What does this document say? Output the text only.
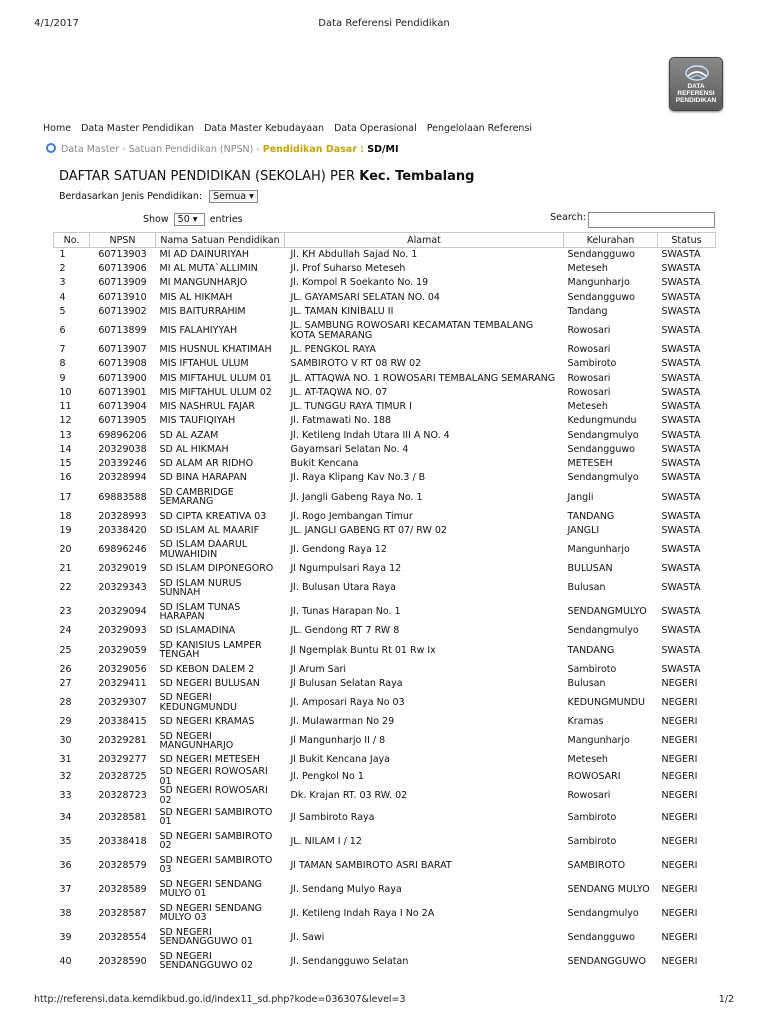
4/1/2017	Data Referensi Pendidikan
DATA
REFERENSI
PENDIDIKAN
Home Data Master Pendidikan Data Master Kebudayaan Data Operasional Pengelolaan Referensi
Data Master - Satuan Pendidikan (NPSN) - Pendidikan Dasar : SD/MI
DAFTAR SATUAN PENDIDIKAN (SEKOLAH) PER Kec. Tembalang
Berdasarkan Jenis Pendidikan: Semua ▾
Show 50 ▾ entries	Search:
No.	NPSN	Nama Satuan Pendidikan	Alamat	Kelurahan	Status
1	60713903	MI AD DAINURIYAH	Jl. KH Abdullah Sajad No. 1	Sendangguwo	SWASTA
2	60713906	MI AL MUTA`ALLIMIN	Jl. Prof Suharso Meteseh	Meteseh	SWASTA
3	60713909	MI MANGUNHARJO	Jl. Kompol R Soekanto No. 19	Mangunharjo	SWASTA
4	60713910	MIS AL HIKMAH	JL. GAYAMSARI SELATAN NO. 04	Sendangguwo	SWASTA
5	60713902	MIS BAITURRAHIM	JL. TAMAN KINIBALU II	Tandang	SWASTA
6	60713899	MIS FALAHIYYAH	JL. SAMBUNG ROWOSARI KECAMATAN TEMBALANG KOTA SEMARANG	Rowosari	SWASTA
7	60713907	MIS HUSNUL KHATIMAH	JL. PENGKOL RAYA	Rowosari	SWASTA
8	60713908	MIS IFTAHUL ULUM	SAMBIROTO V RT 08 RW 02	Sambiroto	SWASTA
9	60713900	MIS MIFTAHUL ULUM 01	JL. ATTAQWA NO. 1 ROWOSARI TEMBALANG SEMARANG	Rowosari	SWASTA
10	60713901	MIS MIFTAHUL ULUM 02	JL. AT-TAQWA NO. 07	Rowosari	SWASTA
11	60713904	MIS NASHRUL FAJAR	JL. TUNGGU RAYA TIMUR I	Meteseh	SWASTA
12	60713905	MIS TAUFIQIYAH	Jl. Fatmawati No. 188	Kedungmundu	SWASTA
13	69896206	SD AL AZAM	Jl. Ketileng Indah Utara III A NO. 4	Sendangmulyo	SWASTA
14	20329038	SD AL HIKMAH	Gayamsari Selatan No. 4	Sendangguwo	SWASTA
15	20339246	SD ALAM AR RIDHO	Bukit Kencana	METESEH	SWASTA
16	20328994	SD BINA HARAPAN	Jl. Raya Klipang Kav No.3 / B	Sendangmulyo	SWASTA
17	69883588	SD CAMBRIDGE SEMARANG	Jl. Jangli Gabeng Raya No. 1	Jangli	SWASTA
18	20328993	SD CIPTA KREATIVA 03	Jl. Rogo Jembangan Timur	TANDANG	SWASTA
19	20338420	SD ISLAM AL MAARIF	JL. JANGLI GABENG RT 07/ RW 02	JANGLI	SWASTA
20	69896246	SD ISLAM DAARUL MUWAHIDIN	Jl. Gendong Raya 12	Mangunharjo	SWASTA
21	20329019	SD ISLAM DIPONEGORO	Jl Ngumpulsari Raya 12	BULUSAN	SWASTA
22	20329343	SD ISLAM NURUS SUNNAH	Jl. Bulusan Utara Raya	Bulusan	SWASTA
23	20329094	SD ISLAM TUNAS HARAPAN	Jl. Tunas Harapan No. 1	SENDANGMULYO	SWASTA
24	20329093	SD ISLAMADINA	JL. Gendong RT 7 RW 8	Sendangmulyo	SWASTA
25	20329059	SD KANISIUS LAMPER TENGAH	Jl Ngemplak Buntu Rt 01 Rw Ix	TANDANG	SWASTA
26	20329056	SD KEBON DALEM 2	Jl Arum Sari	Sambiroto	SWASTA
27	20329411	SD NEGERI BULUSAN	Jl Bulusan Selatan Raya	Bulusan	NEGERI
28	20329307	SD NEGERI KEDUNGMUNDU	Jl. Amposari Raya No 03	KEDUNGMUNDU	NEGERI
29	20338415	SD NEGERI KRAMAS	Jl. Mulawarman No 29	Kramas	NEGERI
30	20329281	SD NEGERI MANGUNHARJO	Jl Mangunharjo II / 8	Mangunharjo	NEGERI
31	20329277	SD NEGERI METESEH	Jl Bukit Kencana Jaya	Meteseh	NEGERI
32	20328725	SD NEGERI ROWOSARI 01	Jl. Pengkol No 1	ROWOSARI	NEGERI
33	20328723	SD NEGERI ROWOSARI 02	Dk. Krajan RT. 03 RW. 02	Rowosari	NEGERI
34	20328581	SD NEGERI SAMBIROTO 01	Jl Sambiroto Raya	Sambiroto	NEGERI
35	20338418	SD NEGERI SAMBIROTO 02	JL. NILAM I / 12	Sambiroto	NEGERI
36	20328579	SD NEGERI SAMBIROTO 03	Jl TAMAN SAMBIROTO ASRI BARAT	SAMBIROTO	NEGERI
37	20328589	SD NEGERI SENDANG MULYO 01	Jl. Sendang Mulyo Raya	SENDANG MULYO	NEGERI
38	20328587	SD NEGERI SENDANG MULYO 03	Jl. Ketileng Indah Raya I No 2A	Sendangmulyo	NEGERI
39	20328554	SD NEGERI SENDANGGUWO 01	Jl. Sawi	Sendangguwo	NEGERI
40	20328590	SD NEGERI SENDANGGUWO 02	Jl. Sendangguwo Selatan	SENDANGGUWO	NEGERI
http://referensi.data.kemdikbud.go.id/index11_sd.php?kode=036307&level=3	1/2
